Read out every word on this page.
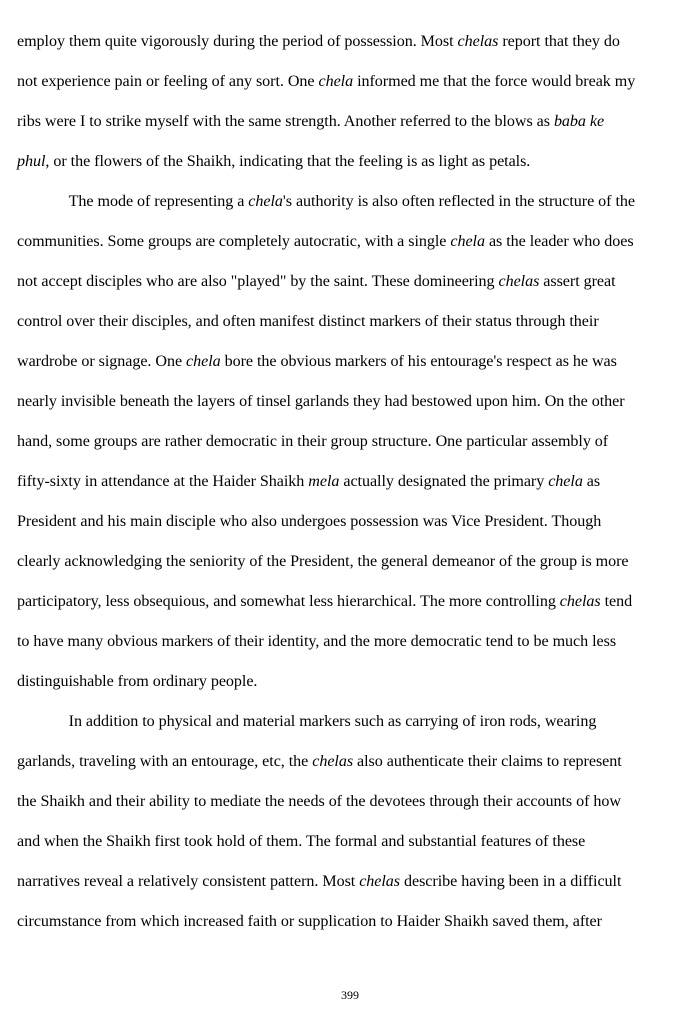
employ them quite vigorously during the period of possession. Most chelas report that they do
not experience pain or feeling of any sort. One chela informed me that the force would break my
ribs were I to strike myself with the same strength. Another referred to the blows as baba ke
phul, or the flowers of the Shaikh, indicating that the feeling is as light as petals.
The mode of representing a chela's authority is also often reflected in the structure of the
communities. Some groups are completely autocratic, with a single chela as the leader who does
not accept disciples who are also "played" by the saint. These domineering chelas assert great
control over their disciples, and often manifest distinct markers of their status through their
wardrobe or signage. One chela bore the obvious markers of his entourage's respect as he was
nearly invisible beneath the layers of tinsel garlands they had bestowed upon him. On the other
hand, some groups are rather democratic in their group structure. One particular assembly of
fifty-sixty in attendance at the Haider Shaikh mela actually designated the primary chela as
President and his main disciple who also undergoes possession was Vice President. Though
clearly acknowledging the seniority of the President, the general demeanor of the group is more
participatory, less obsequious, and somewhat less hierarchical. The more controlling chelas tend
to have many obvious markers of their identity, and the more democratic tend to be much less
distinguishable from ordinary people.
In addition to physical and material markers such as carrying of iron rods, wearing
garlands, traveling with an entourage, etc, the chelas also authenticate their claims to represent
the Shaikh and their ability to mediate the needs of the devotees through their accounts of how
and when the Shaikh first took hold of them. The formal and substantial features of these
narratives reveal a relatively consistent pattern. Most chelas describe having been in a difficult
circumstance from which increased faith or supplication to Haider Shaikh saved them, after
399
